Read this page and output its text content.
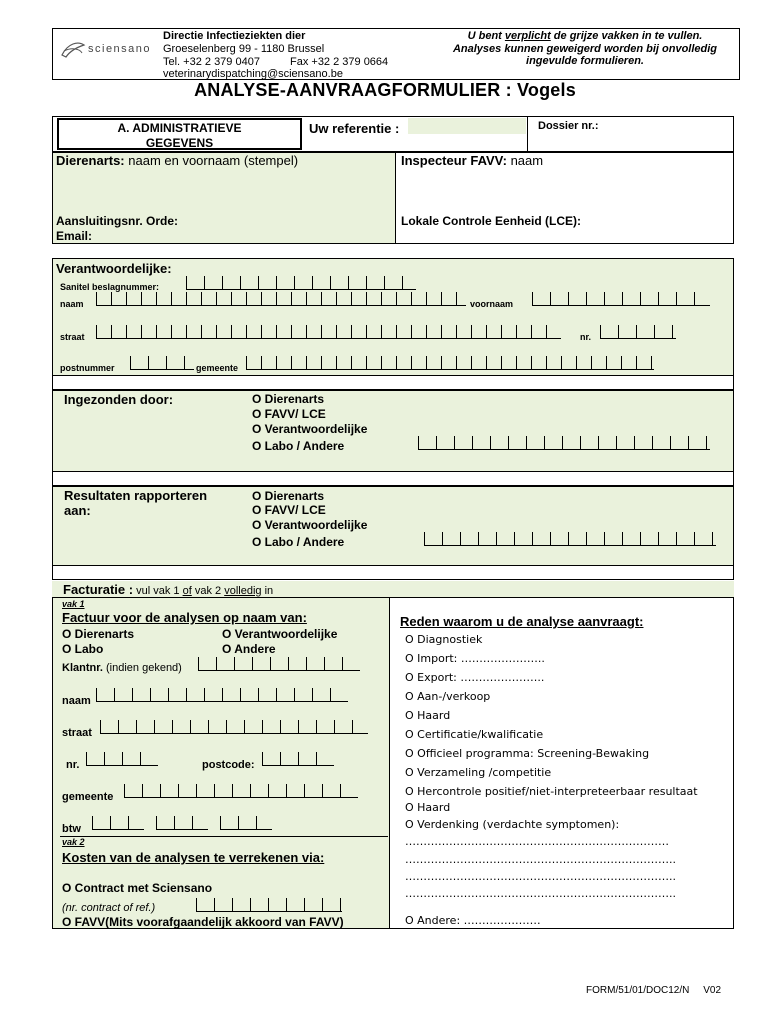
sciensano
Directie Infectieziekten dier
Groeselenberg 99 - 1180 Brussel
Tel. +32 2 379 0407	Fax +32 2 379 0664
veterinarydispatching@sciensano.be
U bent verplicht de grijze vakken in te vullen.
Analyses kunnen geweigerd worden bij onvolledig
ingevulde formulieren.
ANALYSE-AANVRAAGFORMULIER : Vogels
A. ADMINISTRATIEVE
GEGEVENS
Uw referentie :	Dossier nr.:
Dierenarts: naam en voornaam (stempel)
Aansluitingsnr. Orde:
Email:
Inspecteur FAVV: naam
Lokale Controle Eenheid (LCE):
Verantwoordelijke:
Sanitel beslagnummer:
naam	voornaam
straat	nr.
postnummer	gemeente
Ingezonden door:	O Dierenarts
O FAVV/ LCE
O Verantwoordelijke
O Labo / Andere
Resultaten rapporteren
aan:
O Dierenarts
O FAVV/ LCE
O Verantwoordelijke
O Labo / Andere
Facturatie : vul vak 1 of vak 2 volledig in
vak 1
Factuur voor de analysen op naam van:
O Dierenarts	O Verantwoordelijke
O Labo	O Andere
Klantnr. (indien gekend)
naam
straat
nr.	postcode:
gemeente
btw
vak 2
Kosten van de analysen te verrekenen via:
O Contract met Sciensano
(nr. contract of ref.)
O FAVV(Mits voorafgaandelijk akkoord van FAVV)
Reden waarom u de analyse aanvraagt:
O Diagnostiek
O Import: …………………..
O Export: …………………..
O Aan-/verkoop
O Haard
O Certificatie/kwalificatie
O Officieel programma: Screening-Bewaking
O Verzameling /competitie
O Hercontrole positief/niet-interpreteerbaar resultaat
O Haard
O Verdenking (verdachte symptomen):
………………………………………………………………
………………………………………………………………..
………………………………………………………………..
………………………………………………………………..
O Andere: …………………
FORM/51/01/DOC12/N     V02
